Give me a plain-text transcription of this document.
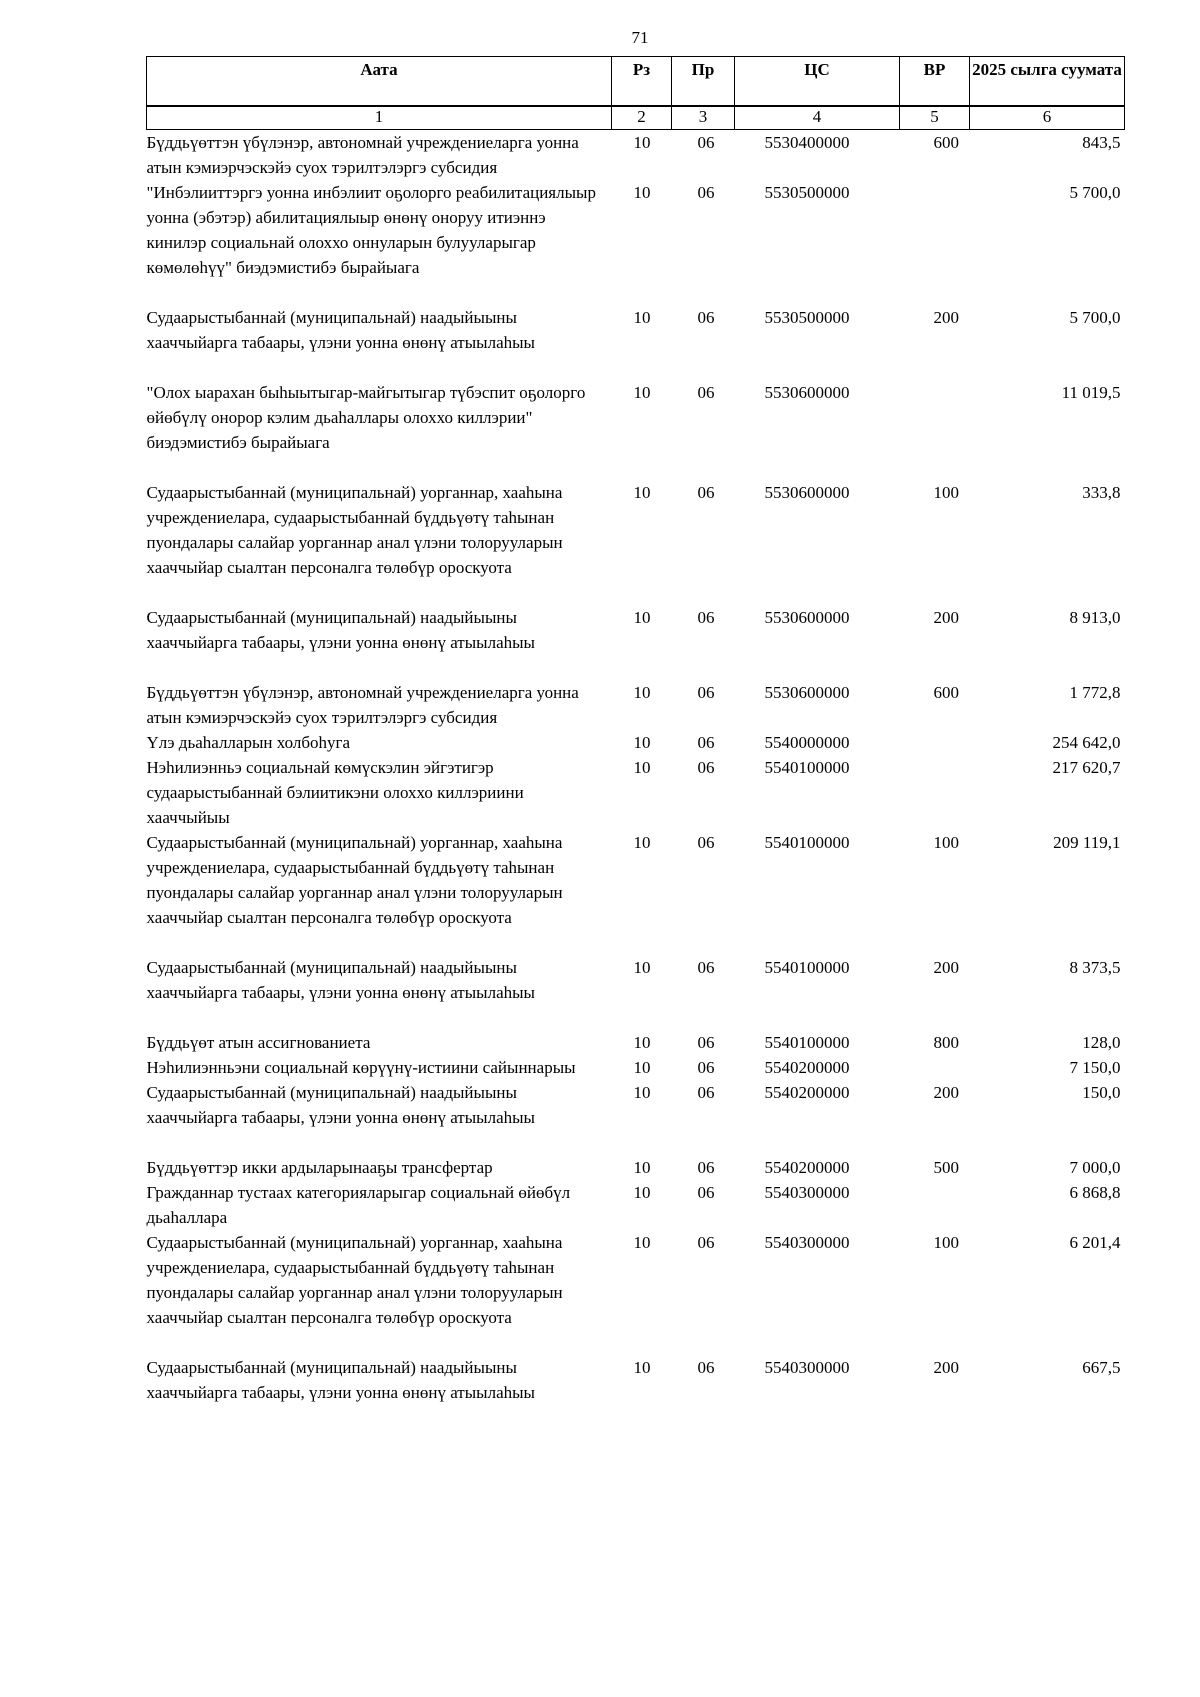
71
Аата	Рз	Пр	ЦС	ВР	2025 сылга суумата
1	2	3	4	5	6
Бүддьүөттэн үбүлэнэр, автономнай учреждениеларга уонна атын кэмиэрчэскэйэ суох тэрилтэлэргэ субсидия	10	06	5530400000	600	843,5
"Инбэлииттэргэ уонна инбэлиит оҕолорго реабилитациялыыр уонна (эбэтэр) абилитациялыыр өнөнү оноруу итиэннэ кинилэр социальнай олоххо оннуларын булууларыгар көмөлөһүү" биэдэмистибэ бырайыага	10	06	5530500000		5 700,0
Судаарыстыбаннай (муниципальнай) наадыйыыны хааччыйарга табаары, үлэни уонна өнөнү атыылаһыы	10	06	5530500000	200	5 700,0
"Олох ыарахан быһыытыгар-майгытыгар түбэспит оҕолорго өйөбүлү оноpop кэлим дьаһаллары олоххо киллэрии" биэдэмистибэ бырайыага	10	06	5530600000		11 019,5
Судаарыстыбаннай (муниципальнай) уорганнар, хааһына учреждениелара, судаарыстыбаннай бүддьүөтү таһынан пуондалары салайар уорганнар анал үлэни толорууларын хааччыйар сыалтан персоналга төлөбүр ороскуота	10	06	5530600000	100	333,8
Судаарыстыбаннай (муниципальнай) наадыйыыны хааччыйарга табаары, үлэни уонна өнөнү атыылаһыы	10	06	5530600000	200	8 913,0
Бүддьүөттэн үбүлэнэр, автономнай учреждениеларга уонна атын кэмиэрчэскэйэ суох тэрилтэлэргэ субсидия	10	06	5530600000	600	1 772,8
Үлэ дьаһалларын холбоһуга	10	06	5540000000		254 642,0
Нэһилиэнньэ социальнай көмүскэлин эйгэтигэр судаарыстыбаннай бэлиитикэни олоххо киллэриини хааччыйыы	10	06	5540100000		217 620,7
Судаарыстыбаннай (муниципальнай) уорганнар, хааһына учреждениелара, судаарыстыбаннай бүддьүөтү таһынан пуондалары салайар уорганнар анал үлэни толорууларын хааччыйар сыалтан персоналга төлөбүр ороскуота	10	06	5540100000	100	209 119,1
Судаарыстыбаннай (муниципальнай) наадыйыыны хааччыйарга табаары, үлэни уонна өнөнү атыылаһыы	10	06	5540100000	200	8 373,5
Бүддьүөт атын ассигнованиета	10	06	5540100000	800	128,0
Нэһилиэнньэни социальнай көрүүнү-истиини сайыннарыы	10	06	5540200000		7 150,0
Судаарыстыбаннай (муниципальнай) наадыйыыны хааччыйарга табаары, үлэни уонна өнөнү атыылаһыы	10	06	5540200000	200	150,0
Бүддьүөттэр икки ардыларынааҕы трансфертар	10	06	5540200000	500	7 000,0
Гражданнар тустаах категорияларыгар социальнай өйөбүл дьаһаллара	10	06	5540300000		6 868,8
Судаарыстыбаннай (муниципальнай) уорганнар, хааһына учреждениелара, судаарыстыбаннай бүддьүөтү таһынан пуондалары салайар уорганнар анал үлэни толорууларын хааччыйар сыалтан персоналга төлөбүр ороскуота	10	06	5540300000	100	6 201,4
Судаарыстыбаннай (муниципальнай) наадыйыыны хааччыйарга табаары, үлэни уонна өнөнү атыылаһыы	10	06	5540300000	200	667,5
